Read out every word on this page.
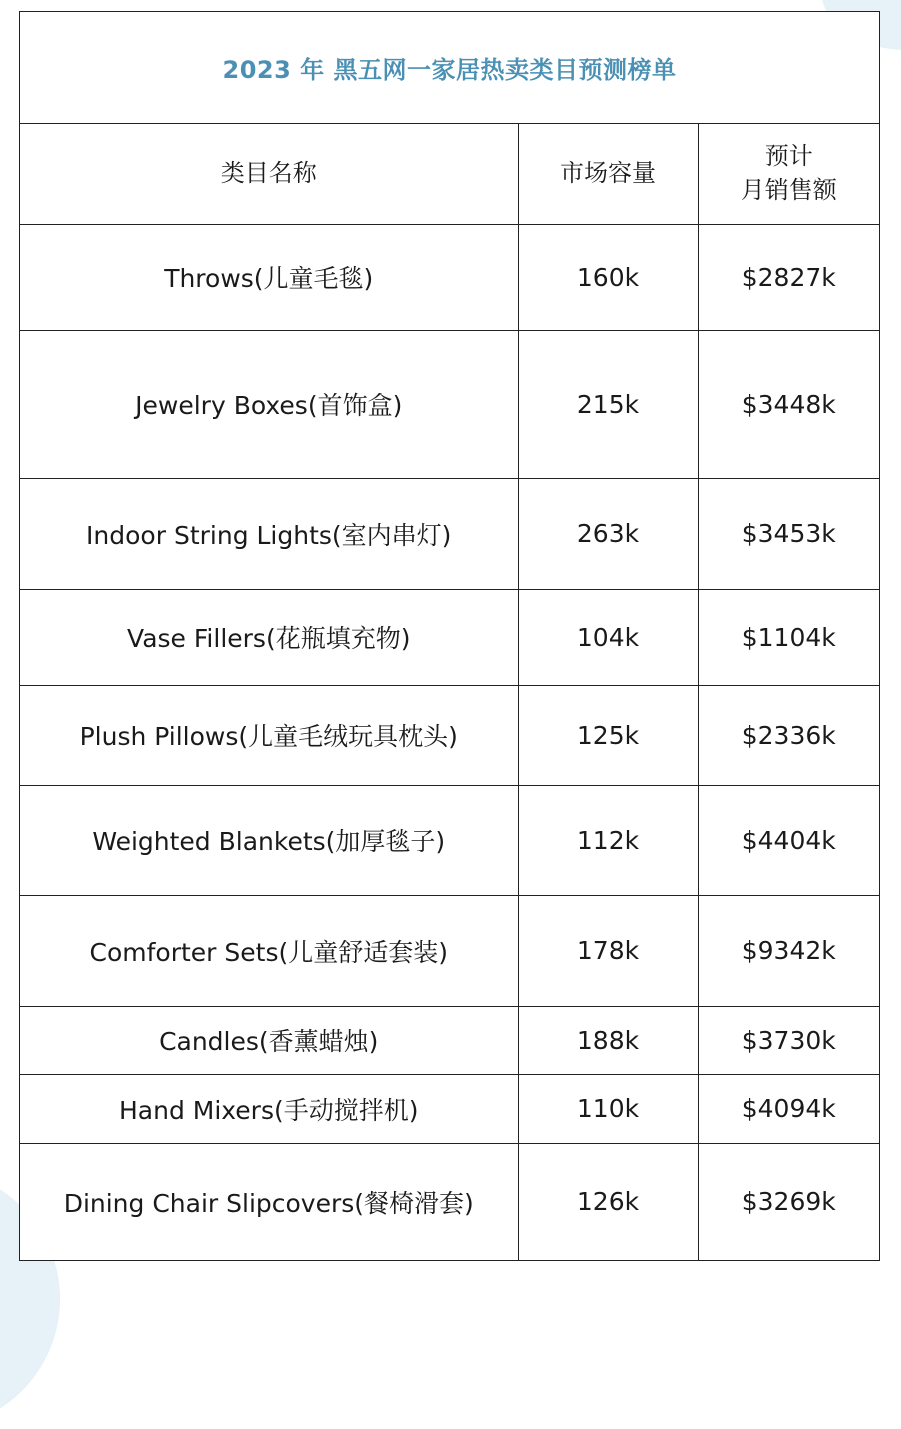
2023 年 黑五网一家居热卖类目预测榜单		
类目名称	市场容量	预计
月销售额

Throws(儿童毛毯)	160k	$2827k
Jewelry Boxes(首饰盒)	215k	$3448k
Indoor String Lights(室内串灯)	263k	$3453k
Vase Fillers(花瓶填充物)	104k	$1104k
Plush Pillows(儿童毛绒玩具枕头)	125k	$2336k
Weighted Blankets(加厚毯子)	112k	$4404k
Comforter Sets(儿童舒适套装)	178k	$9342k
Candles(香薰蜡烛)	188k	$3730k
Hand Mixers(手动搅拌机)	110k	$4094k
Dining Chair Slipcovers(餐椅滑套)	126k	$3269k
